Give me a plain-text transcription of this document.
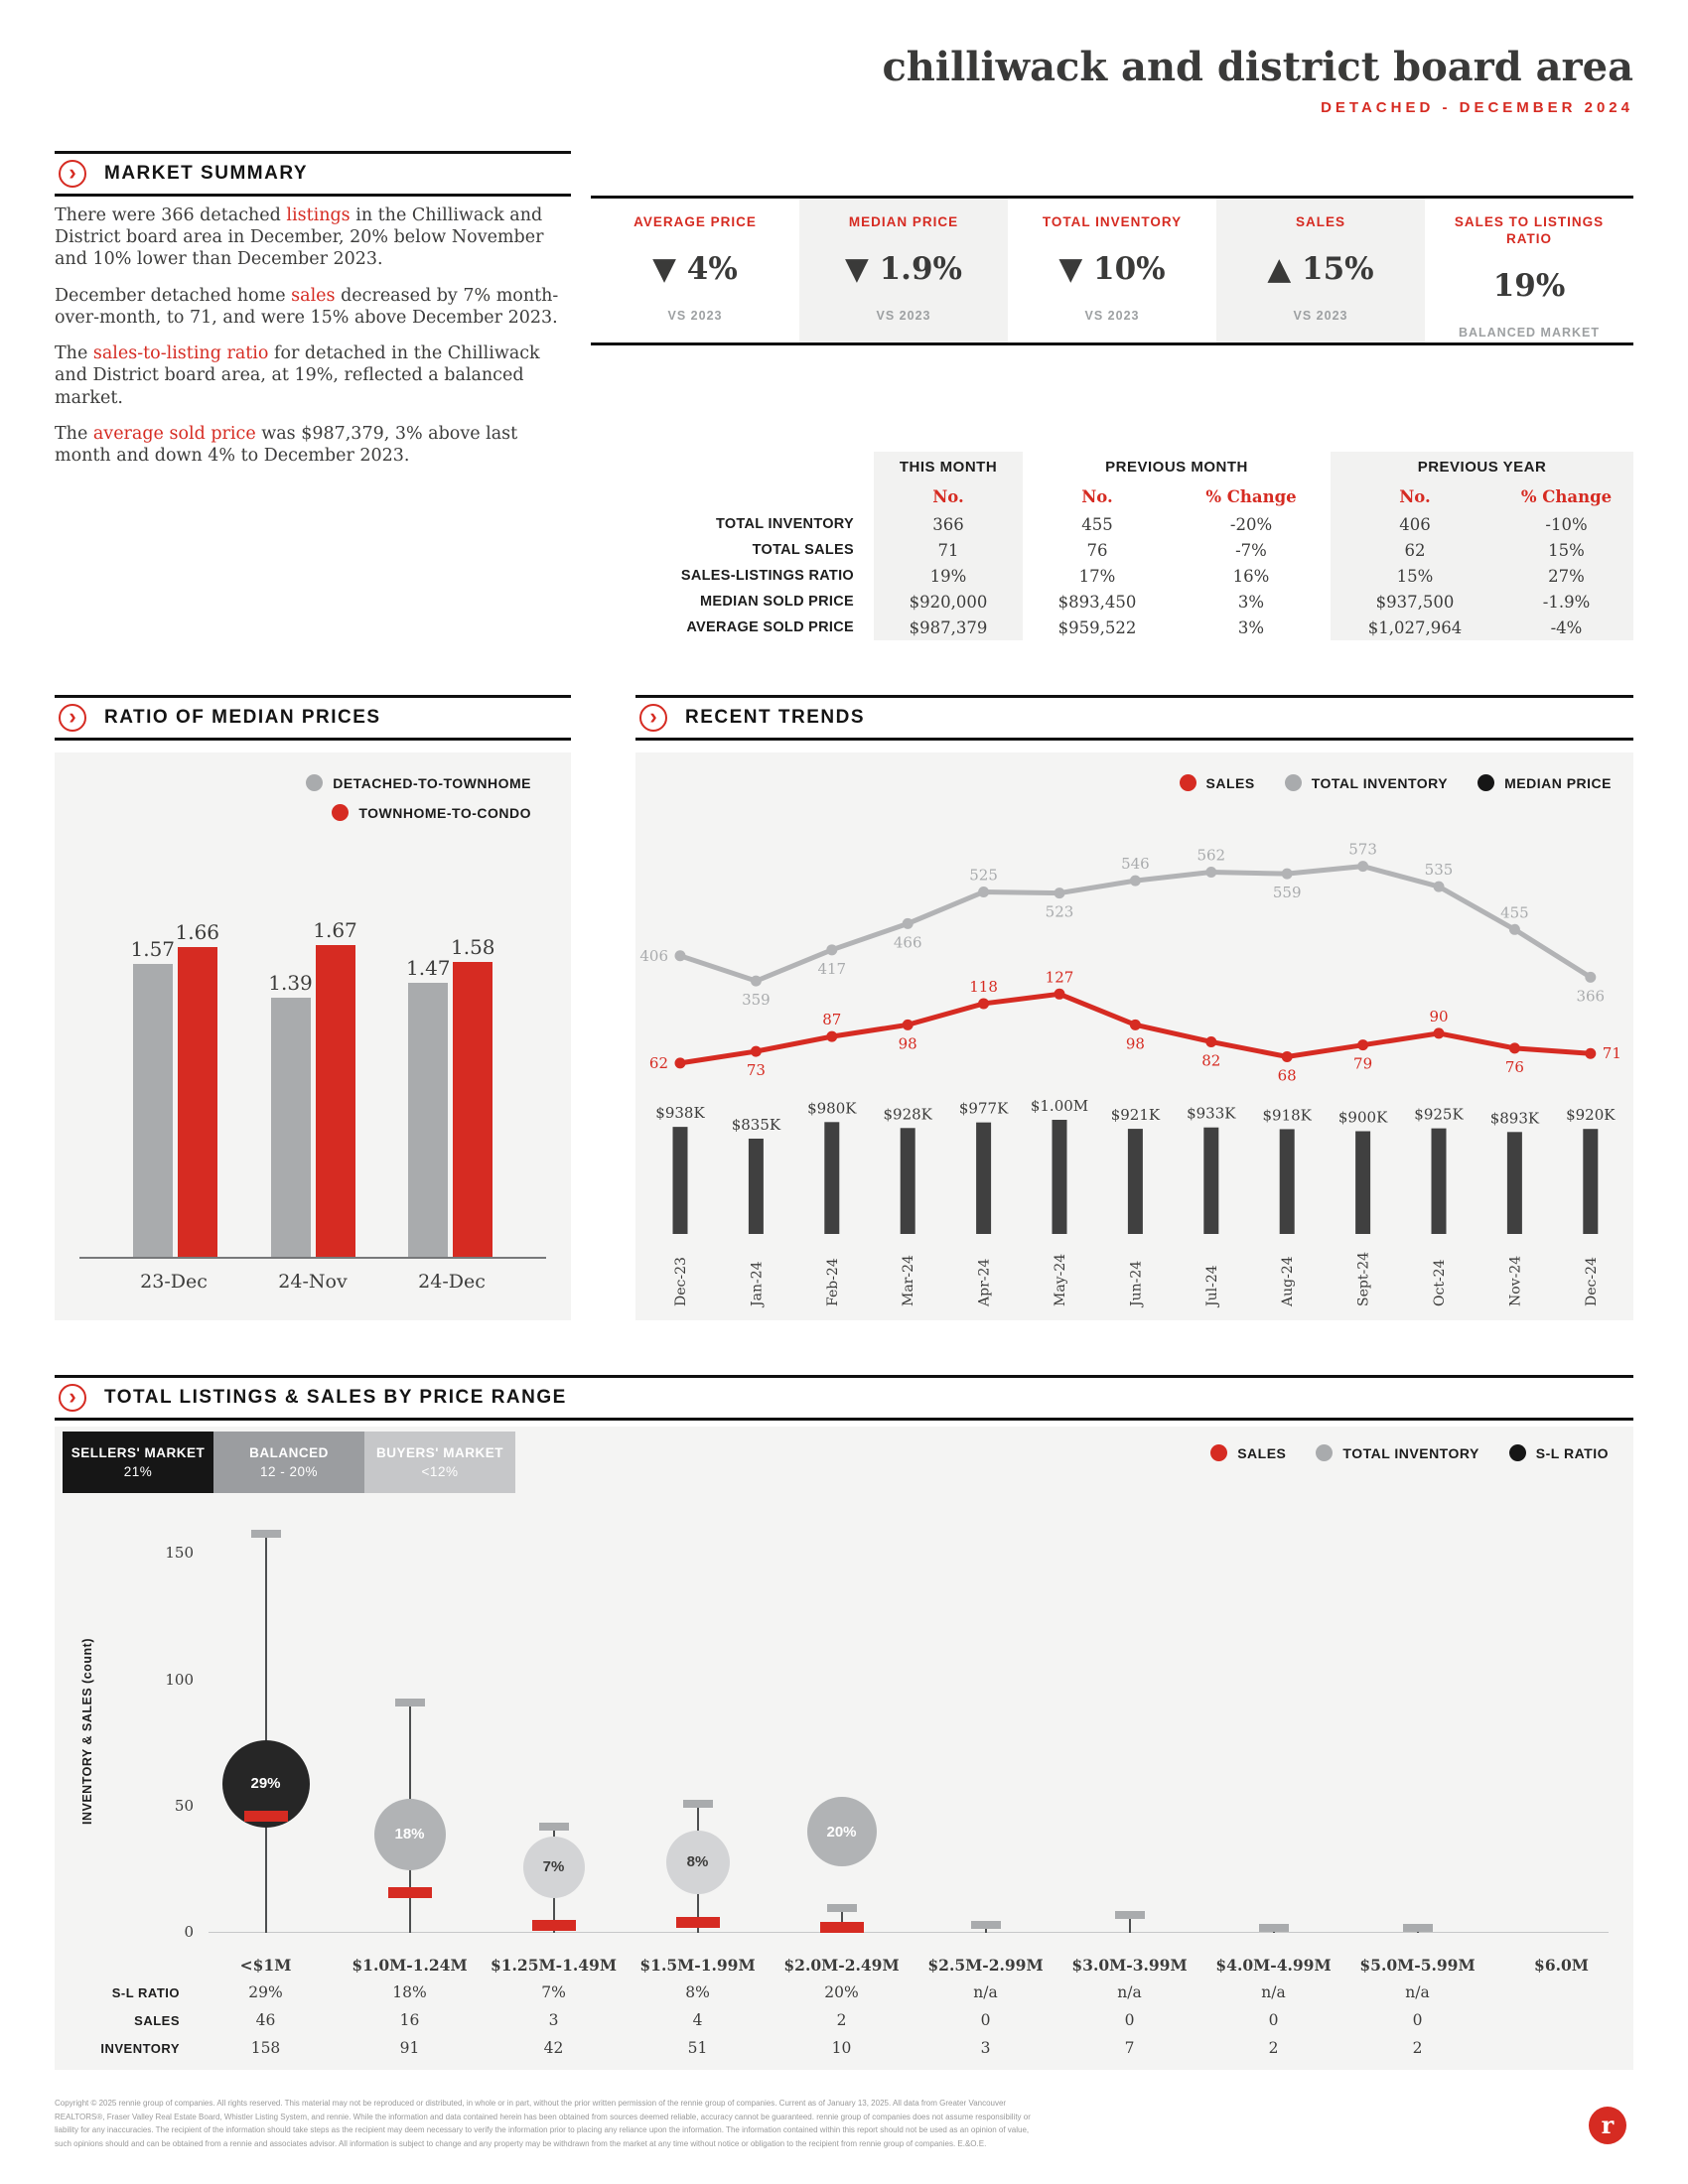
chilliwack and district board area
DETACHED - DECEMBER 2024
›	MARKET SUMMARY

There were 366 detached listings in the Chilliwack and District board area in December, 20% below November and 10% lower than December 2023.

December detached home sales decreased by 7% month-over-month, to 71, and were 15% above December 2023.

The sales-to-listing ratio for detached in the Chilliwack and District board area, at 19%, reflected a balanced market.

The average sold price was $987,379, 3% above last month and down 4% to December 2023.

AVERAGE PRICE
▼ 4%
VS 2023
MEDIAN PRICE
▼ 1.9%
VS 2023
TOTAL INVENTORY
▼ 10%
VS 2023
SALES
▲ 15%
VS 2023
SALES TO LISTINGS RATIO
19%
BALANCED MARKET
THIS MONTH	PREVIOUS MONTH	PREVIOUS YEAR
No.	No.	% Change	No.	% Change
TOTAL INVENTORY	366	455	-20%	406	-10%
TOTAL SALES	71	76	-7%	62	15%
SALES-LISTINGS RATIO	19%	17%	16%	15%	27%
MEDIAN SOLD PRICE	$920,000	$893,450	3%	$937,500	-1.9%
AVERAGE SOLD PRICE	$987,379	$959,522	3%	$1,027,964	-4%
›	RATIO OF MEDIAN PRICES
DETACHED-TO-TOWNHOME
TOWNHOME-TO-CONDO
1.57
1.66
1.39
1.67
1.47
1.58
23-Dec	24-Nov	24-Dec
›	RECENT TRENDS
SALES	TOTAL INVENTORY	MEDIAN PRICE
406
359
417
466
525
523
546	562
559
573
535
455
366
62	73
87
98
118
127
98
82
68
79
90
76
71
$938K
Dec-23
$835K
Jan-24
$980K
Feb-24
$928K
Mar-24
$977K
Apr-24
$1.00M
May-24
$921K
Jun-24
$933K
Jul-24
$918K
Aug-24
$900K
Sept-24
$925K
Oct-24
$893K
Nov-24
$920K
Dec-24
›	TOTAL LISTINGS & SALES BY PRICE RANGE
SELLERS' MARKET
21%
BALANCED
12 - 20%
BUYERS' MARKET
<12%
SALES	TOTAL INVENTORY	S-L RATIO
INVENTORY & SALES (count)
0
50
100
150
29%
18%
7%	8%
20%
<$1M	$1.0M-1.24M	$1.25M-1.49M	$1.5M-1.99M	$2.0M-2.49M	$2.5M-2.99M	$3.0M-3.99M	$4.0M-4.99M	$5.0M-5.99M	$6.0M
S-L RATIO	29%	18%	7%	8%	20%	n/a	n/a	n/a	n/a
SALES	46	16	3	4	2	0	0	0	0
INVENTORY	158	91	42	51	10	3	7	2	2
Copyright © 2025 rennie group of companies. All rights reserved. This material may not be reproduced or distributed, in whole or in part, without the prior written permission of the rennie group of companies. Current as of January 13, 2025. All data from Greater Vancouver REALTORS®, Fraser Valley Real Estate Board, Whistler Listing System, and rennie. While the information and data contained herein has been obtained from sources deemed reliable, accuracy cannot be guaranteed. rennie group of companies does not assume responsibility or liability for any inaccuracies. The recipient of the information should take steps as the recipient may deem necessary to verify the information prior to placing any reliance upon the information. The information contained within this report should not be used as an opinion of value, such opinions should and can be obtained from a rennie and associates advisor. All information is subject to change and any property may be withdrawn from the market at any time without notice or obligation to the recipient from rennie group of companies. E.&O.E.
r
